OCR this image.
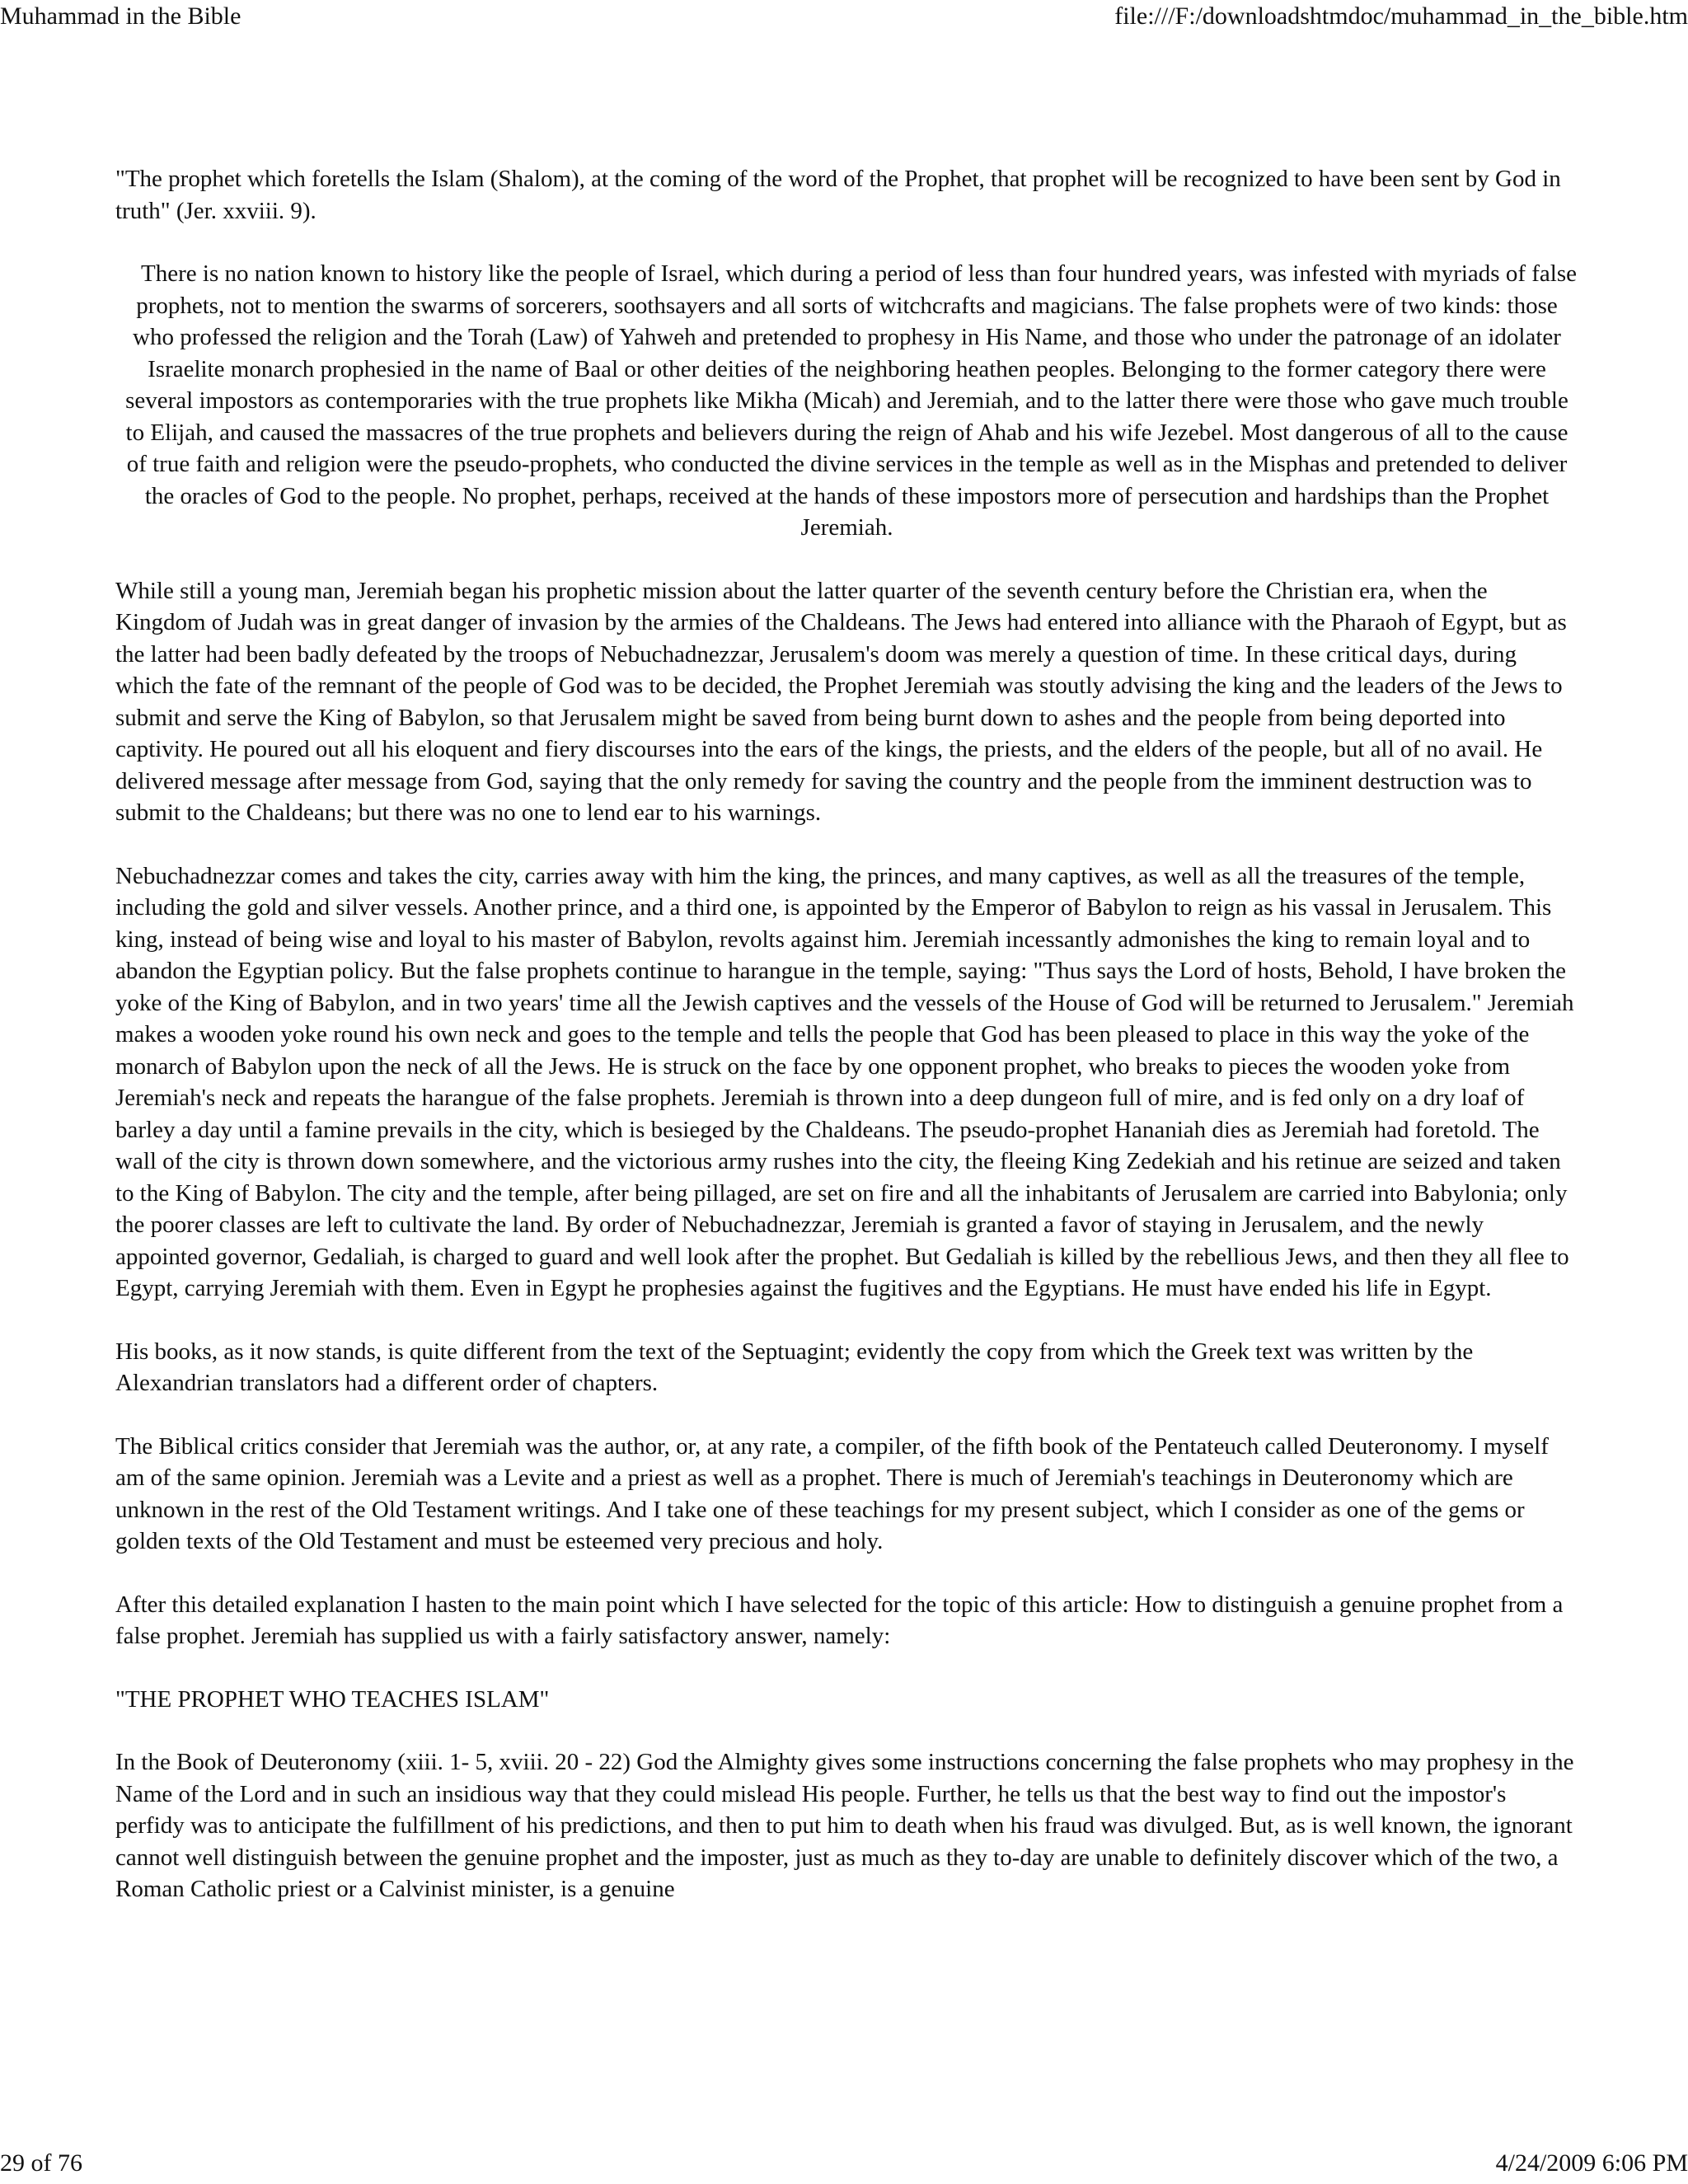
Muhammad in the Bible	file:///F:/downloadshtmdoc/muhammad_in_the_bible.htm

"The prophet which foretells the Islam (Shalom), at the coming of the word of the Prophet, that prophet will be recognized to have been sent by God in truth" (Jer. xxviii. 9).

There is no nation known to history like the people of Israel, which during a period of less than four hundred years, was infested with myriads of false prophets, not to mention the swarms of sorcerers, soothsayers and all sorts of witchcrafts and magicians. The false prophets were of two kinds: those who professed the religion and the Torah (Law) of Yahweh and pretended to prophesy in His Name, and those who under the patronage of an idolater Israelite monarch prophesied in the name of Baal or other deities of the neighboring heathen peoples. Belonging to the former category there were several impostors as contemporaries with the true prophets like Mikha (Micah) and Jeremiah, and to the latter there were those who gave much trouble to Elijah, and caused the massacres of the true prophets and believers during the reign of Ahab and his wife Jezebel. Most dangerous of all to the cause of true faith and religion were the pseudo-prophets, who conducted the divine services in the temple as well as in the Misphas and pretended to deliver the oracles of God to the people. No prophet, perhaps, received at the hands of these impostors more of persecution and hardships than the Prophet Jeremiah.

While still a young man, Jeremiah began his prophetic mission about the latter quarter of the seventh century before the Christian era, when the Kingdom of Judah was in great danger of invasion by the armies of the Chaldeans. The Jews had entered into alliance with the Pharaoh of Egypt, but as the latter had been badly defeated by the troops of Nebuchadnezzar, Jerusalem's doom was merely a question of time. In these critical days, during which the fate of the remnant of the people of God was to be decided, the Prophet Jeremiah was stoutly advising the king and the leaders of the Jews to submit and serve the King of Babylon, so that Jerusalem might be saved from being burnt down to ashes and the people from being deported into captivity. He poured out all his eloquent and fiery discourses into the ears of the kings, the priests, and the elders of the people, but all of no avail. He delivered message after message from God, saying that the only remedy for saving the country and the people from the imminent destruction was to submit to the Chaldeans; but there was no one to lend ear to his warnings.

Nebuchadnezzar comes and takes the city, carries away with him the king, the princes, and many captives, as well as all the treasures of the temple, including the gold and silver vessels. Another prince, and a third one, is appointed by the Emperor of Babylon to reign as his vassal in Jerusalem. This king, instead of being wise and loyal to his master of Babylon, revolts against him. Jeremiah incessantly admonishes the king to remain loyal and to abandon the Egyptian policy. But the false prophets continue to harangue in the temple, saying: "Thus says the Lord of hosts, Behold, I have broken the yoke of the King of Babylon, and in two years' time all the Jewish captives and the vessels of the House of God will be returned to Jerusalem." Jeremiah makes a wooden yoke round his own neck and goes to the temple and tells the people that God has been pleased to place in this way the yoke of the monarch of Babylon upon the neck of all the Jews. He is struck on the face by one opponent prophet, who breaks to pieces the wooden yoke from Jeremiah's neck and repeats the harangue of the false prophets. Jeremiah is thrown into a deep dungeon full of mire, and is fed only on a dry loaf of barley a day until a famine prevails in the city, which is besieged by the Chaldeans. The pseudo-prophet Hananiah dies as Jeremiah had foretold. The wall of the city is thrown down somewhere, and the victorious army rushes into the city, the fleeing King Zedekiah and his retinue are seized and taken to the King of Babylon. The city and the temple, after being pillaged, are set on fire and all the inhabitants of Jerusalem are carried into Babylonia; only the poorer classes are left to cultivate the land. By order of Nebuchadnezzar, Jeremiah is granted a favor of staying in Jerusalem, and the newly appointed governor, Gedaliah, is charged to guard and well look after the prophet. But Gedaliah is killed by the rebellious Jews, and then they all flee to Egypt, carrying Jeremiah with them. Even in Egypt he prophesies against the fugitives and the Egyptians. He must have ended his life in Egypt.

His books, as it now stands, is quite different from the text of the Septuagint; evidently the copy from which the Greek text was written by the Alexandrian translators had a different order of chapters.

The Biblical critics consider that Jeremiah was the author, or, at any rate, a compiler, of the fifth book of the Pentateuch called Deuteronomy. I myself am of the same opinion. Jeremiah was a Levite and a priest as well as a prophet. There is much of Jeremiah's teachings in Deuteronomy which are unknown in the rest of the Old Testament writings. And I take one of these teachings for my present subject, which I consider as one of the gems or golden texts of the Old Testament and must be esteemed very precious and holy.

After this detailed explanation I hasten to the main point which I have selected for the topic of this article: How to distinguish a genuine prophet from a false prophet. Jeremiah has supplied us with a fairly satisfactory answer, namely:

"THE PROPHET WHO TEACHES ISLAM"

In the Book of Deuteronomy (xiii. 1- 5, xviii. 20 - 22) God the Almighty gives some instructions concerning the false prophets who may prophesy in the Name of the Lord and in such an insidious way that they could mislead His people. Further, he tells us that the best way to find out the impostor's perfidy was to anticipate the fulfillment of his predictions, and then to put him to death when his fraud was divulged. But, as is well known, the ignorant cannot well distinguish between the genuine prophet and the imposter, just as much as they to-day are unable to definitely discover which of the two, a Roman Catholic priest or a Calvinist minister, is a genuine

29 of 76	4/24/2009 6:06 PM
